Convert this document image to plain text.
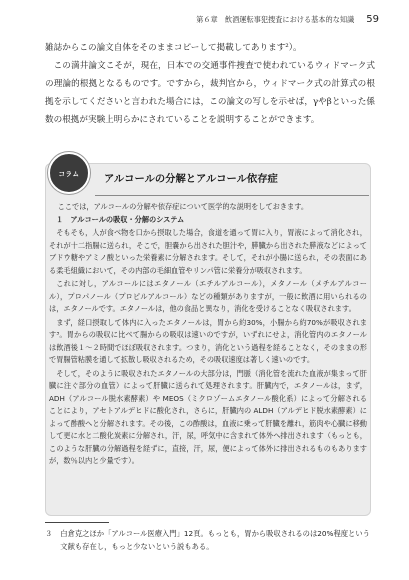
第６章　飲酒運転事犯捜査における基本的な知識 59

雑誌からこの論文自体をそのままコピーして掲載してあります²）。

この満井論文こそが，現在，日本での交通事件捜査で使われているウィドマーク式の理論的根拠となるものです。ですから，裁判官から，ウィドマーク式の計算式の根拠を示してくださいと言われた場合には，この論文の写しを示せば，γやβといった係数の根拠が実験上明らかにされていることを説明することができます。

コラム アルコールの分解とアルコール依存症

ここでは，アルコールの分解や依存症について医学的な説明をしておきます。

１　アルコールの吸収・分解のシステム

そもそも，人が食べ物を口から摂取した場合，食道を通って胃に入り，胃液によって消化され，それが十二指腸に送られ，そこで，胆嚢から出された胆汁や，膵臓から出された膵液などによってブドウ糖やアミノ酸といった栄養素に分解されます。そして，それが小腸に送られ，その表面にある柔毛組織において，その内部の毛細血管やリンパ管に栄養分が吸収されます。

これに対し，アルコールにはエタノール（エチルアルコール），メタノール（メチルアルコール），プロパノール（プロピルアルコール）などの種類がありますが，一般に飲酒に用いられるのは，エタノールです。エタノールは，他の食品と異なり，消化を受けることなく吸収されます。

まず，経口摂取して体内に入ったエタノールは，胃から約30%，小腸から約70%が吸収されます³。胃からの吸収に比べて腸からの吸収は速いのですが，いずれにせよ，消化管内のエタノールは飲酒後１〜２時間でほぼ吸収されます。つまり，消化という過程を経ることなく，そのままの形で胃腸管粘膜を通して拡散し吸収されるため，その吸収速度は著しく速いのです。

そして，そのように吸収されたエタノールの大部分は，門脈（消化管を流れた血液が集まって肝臓に注ぐ部分の血管）によって肝臓に送られて処理されます。肝臓内で，エタノールは，まず，ADH（アルコール脱水素酵素）や MEOS（ミクロゾームエタノール酸化系）によって分解されることにより，アセトアルデヒドに酸化され，さらに，肝臓内の ALDH（アルデヒド脱水素酵素）によって酢酸へと分解されます。その後，この酢酸は，血液に乗って肝臓を離れ，筋肉や心臓に移動して更に水と二酸化炭素に分解され，汗，尿，呼気中に含まれて体外へ排出されます（もっとも，このような肝臓の分解過程を経ずに，直接，汗，尿，便によって体外に排出されるものもありますが，数％以内と少量です）。

３ 白倉克之ほか「アルコール医療入門」12頁。もっとも，胃から吸収されるのは20%程度という文献も存在し，もっと少ないという説もある。
